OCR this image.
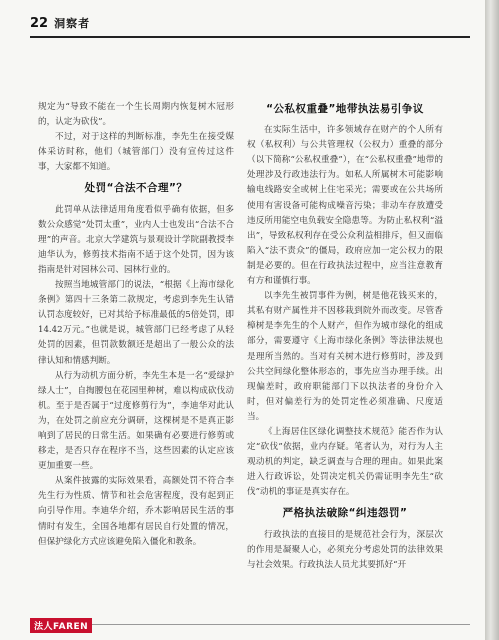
22 洞察者

规定为“导致不能在一个生长周期内恢复树木冠形的，认定为砍伐”。

不过，对于这样的判断标准，李先生在接受媒体采访时称，他们（城管部门）没有宣传过这件事，大家都不知道。

处罚“合法不合理”？

此罚单从法律适用角度看似乎确有依据，但多数公众感觉“处罚太重”，业内人士也发出“合法不合理”的声音。北京大学建筑与景观设计学院副教授李迪华认为，修剪技术指南不适于这个处罚，因为该指南是针对园林公司、园林行业的。

按照当地城管部门的说法，“根据《上海市绿化条例》第四十三条第二款规定，考虑到李先生认错认罚态度较好，已对其给予标准最低的5倍处罚，即14.42万元。”也就是说，城管部门已经考虑了从轻处罚的因素，但罚款数额还是超出了一般公众的法律认知和情感判断。

从行为动机方面分析，李先生本是一名“爱绿护绿人士”，自掏腰包在花园里种树，难以构成砍伐动机。至于是否属于“过度修剪行为”，李迪华对此认为，在处罚之前应充分调研，这棵树是不是真正影响到了居民的日常生活。如果确有必要进行修剪或移走，是否只存在程序不当，这些因素的认定应该更加重要一些。

从案件披露的实际效果看，高额处罚不符合李先生行为性质、情节和社会危害程度，没有起到正向引导作用。李迪华介绍，乔木影响居民生活的事情时有发生，全国各地都有居民自行处置的情况，但保护绿化方式应该避免陷入僵化和教条。

“公私权重叠”地带执法易引争议

在实际生活中，许多领域存在财产的个人所有权（私权利）与公共管理权（公权力）重叠的部分（以下简称“公私权重叠”），在“公私权重叠”地带的处理涉及行政违法行为。如私人所属树木可能影响输电线路安全或树上住宅采光；需要或在公共场所使用有害设备可能构成噪音污染；非动车存放遭受违反所用能空电负载安全隐患等。为防止私权利“溢出”，导致私权利存在受公众利益相排斥，但又面临陷入“法不责众”的僵局，政府应加一定公权力的限制是必要的。但在行政执法过程中，应当注意教育有方和谨慎行事。

以李先生被罚事件为例，树是他花钱买来的，其私有财产属性并不因移栽到院外而改变。尽管香樟树是李先生的个人财产，但作为城市绿化的组成部分，需要遵守《上海市绿化条例》等法律法规也是理所当然的。当对有关树木进行修剪时，涉及到公共空间绿化整体形态的，事先应当办理手续。出现偏差时，政府职能部门下以执法者的身份介入时，但对偏差行为的处罚定性必须准确、尺度适当。

《上海居住区绿化调整技术规范》能否作为认定“砍伐”依据，业内存疑。笔者认为，对行为人主观动机的判定，缺乏调查与合理的理由。如果此案进入行政诉讼，处罚决定机关仍需证明李先生“砍伐”动机的事证是真实存在。

严格执法破除“纠违怨罚”

行政执法的直接目的是规范社会行为，深层次的作用是凝聚人心，必须充分考虑处罚的法律效果与社会效果。行政执法人员尤其要抓好“开

法人FAREN
